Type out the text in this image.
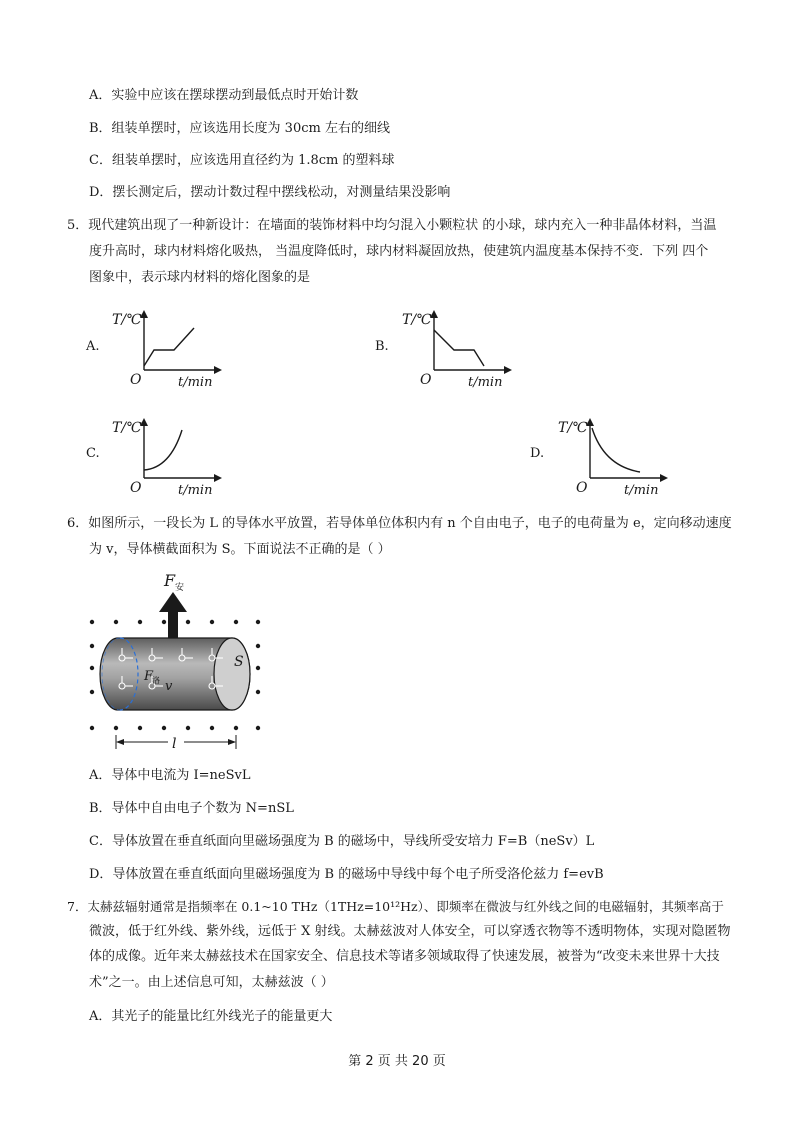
A．实验中应该在摆球摆动到最低点时开始计数
B．组装单摆时，应该选用长度为 30cm 左右的细线
C．组装单摆时，应该选用直径约为 1.8cm 的塑料球
D．摆长测定后，摆动计数过程中摆线松动，对测量结果没影响
5．现代建筑出现了一种新设计：在墙面的装饰材料中均匀混入小颗粒状 的小球，球内充入一种非晶体材料，当温
度升高时，球内材料熔化吸热， 当温度降低时，球内材料凝固放热，使建筑内温度基本保持不变．下列 四个
图象中，表示球内材料的熔化图象的是
A.
T/℃
O	t/min
B.
T/℃
O	t/min
C.
T/℃
O	t/min
D.
T/℃
O	t/min
6．如图所示，一段长为 L 的导体水平放置，若导体单位体积内有 n 个自由电子，电子的电荷量为 e，定向移动速度
为 v，导体横截面积为 S。下面说法不正确的是（ ）
F 安
F
洛 v
S
l
A．导体中电流为 I=neSvL
B．导体中自由电子个数为 N=nSL
C．导体放置在垂直纸面向里磁场强度为 B 的磁场中，导线所受安培力 F=B（neSv）L
D．导体放置在垂直纸面向里磁场强度为 B 的磁场中导线中每个电子所受洛伦兹力 f=evB
7．太赫兹辐射通常是指频率在 0.1~10 THz（1THz=10¹²Hz）、即频率在微波与红外线之间的电磁辐射，其频率高于
微波，低于红外线、紫外线，远低于 X 射线。太赫兹波对人体安全，可以穿透衣物等不透明物体，实现对隐匿物
体的成像。近年来太赫兹技术在国家安全、信息技术等诸多领域取得了快速发展，被誉为“改变未来世界十大技
术”之一。由上述信息可知，太赫兹波（ ）
A．其光子的能量比红外线光子的能量更大
第 2 页 共 20 页
